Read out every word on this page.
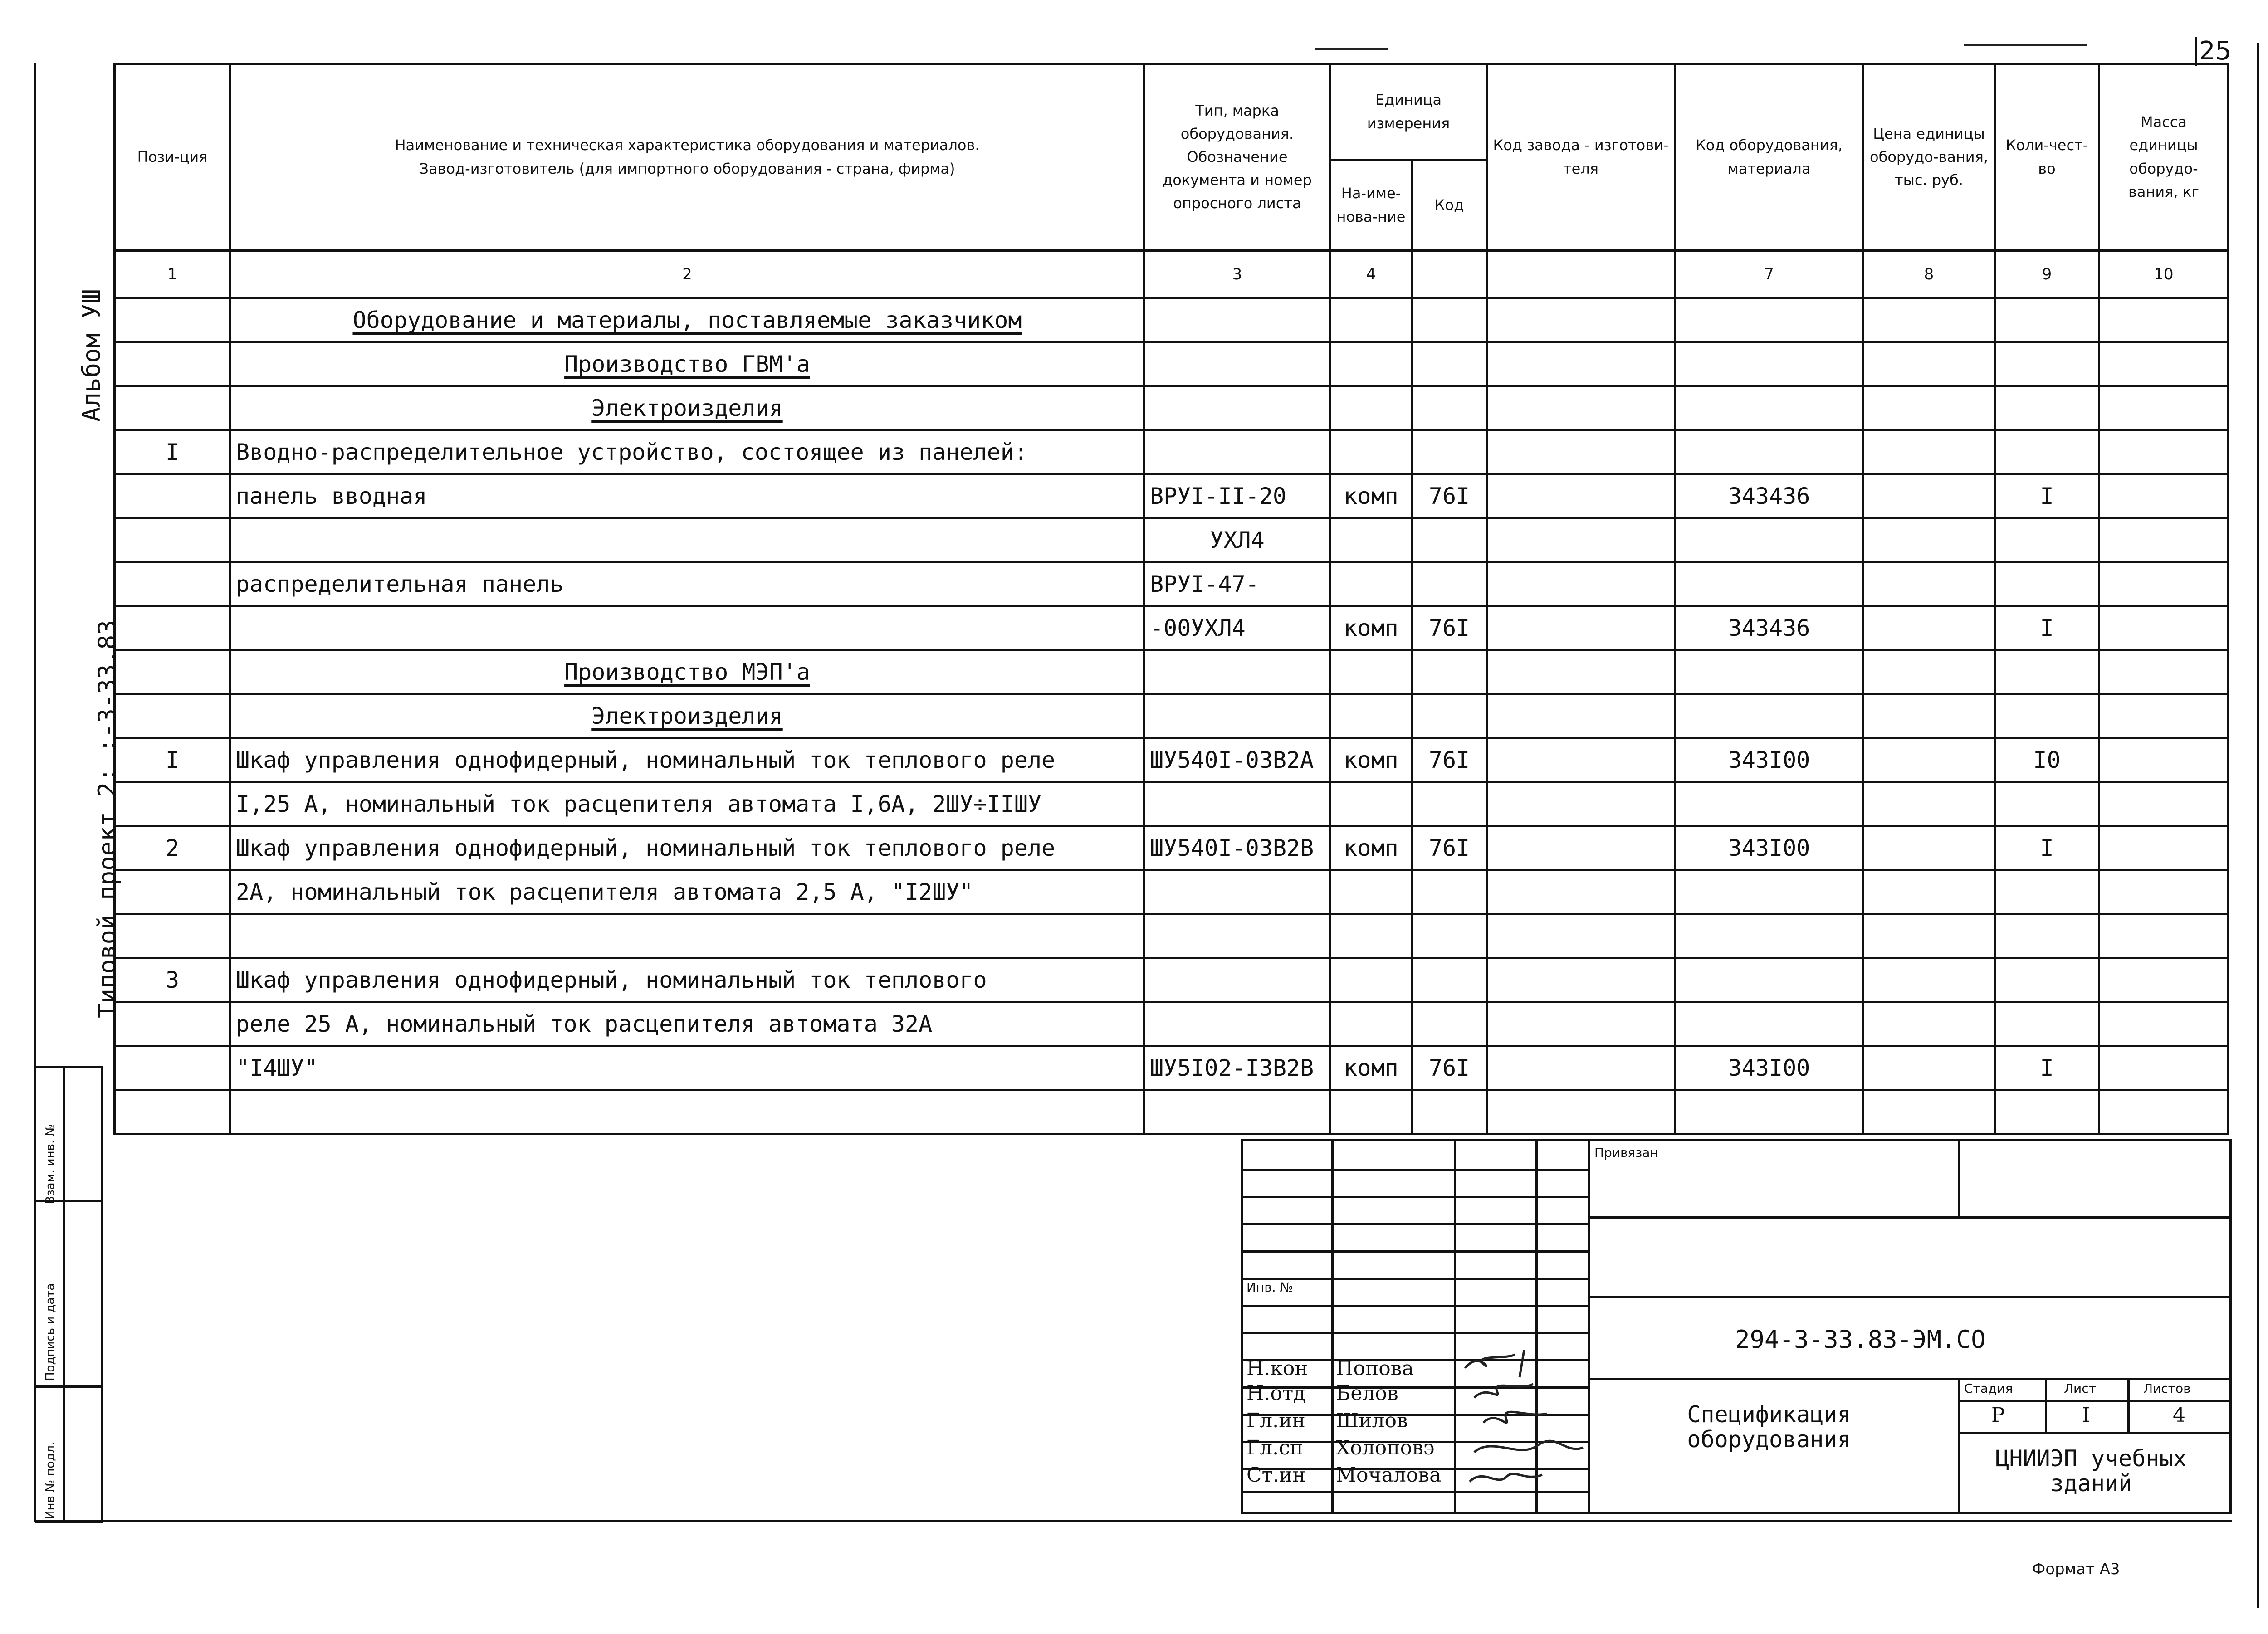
25
Альбом УШ
Типовой проект 2: :-3-33.83
Взам. инв. №
Подпись и дата
Инв № подл.
Пози-ция	Наименование и техническая характеристика оборудования и материалов.
Завод-изготовитель (для импортного оборудования - страна, фирма)	Тип, марка оборудования. Обозначение документа и номер опросного листа	Единица измерения		Код завода - изготови-теля	Код оборудования, материала	Цена единицы оборудо-вания, тыс. руб.	Коли-чест-во	Масса единицы оборудо-вания, кг
			На-име-нова-ние	Код					
1	2	3	4			7	8	9	10
	Оборудование и материалы, поставляемые заказчиком								
	Производство ГВМ'а								
	Электроизделия								
I	Вводно-распределительное устройство, состоящее из панелей:								
	панель вводная	ВРУI-II-20	комп	76I		343436		I	
		УХЛ4							
	распределительная панель	ВРУI-47-							
		-00УХЛ4	комп	76I		343436		I	
	Производство МЭП'а								
	Электроизделия								
I	Шкаф управления однофидерный, номинальный ток теплового реле	ШУ540I-03В2А	комп	76I		343I00		I0	
	I,25 А, номинальный ток расцепителя автомата I,6А, 2ШУ÷IIШУ								
2	Шкаф управления однофидерный, номинальный ток теплового реле	ШУ540I-03В2В	комп	76I		343I00		I	
	2А, номинальный ток расцепителя автомата 2,5 А, "I2ШУ"								

3	Шкаф управления однофидерный, номинальный ток теплового								
	реле 25 А, номинальный ток расцепителя автомата 32А								
	"I4ШУ"	ШУ5I02-I3В2В	комп	76I		343I00		I	

Привязан
Инв. №
294-3-33.83-ЭМ.СО
Спецификация
оборудования
Стадия	Лист	Листов
Р	I	4
ЦНИИЭП учебных
зданий
Н.кон Попова
Н.отд Белов
Гл.ин Шилов
Гл.сп Холоповэ
Ст.ин Мочалова
Формат А3
